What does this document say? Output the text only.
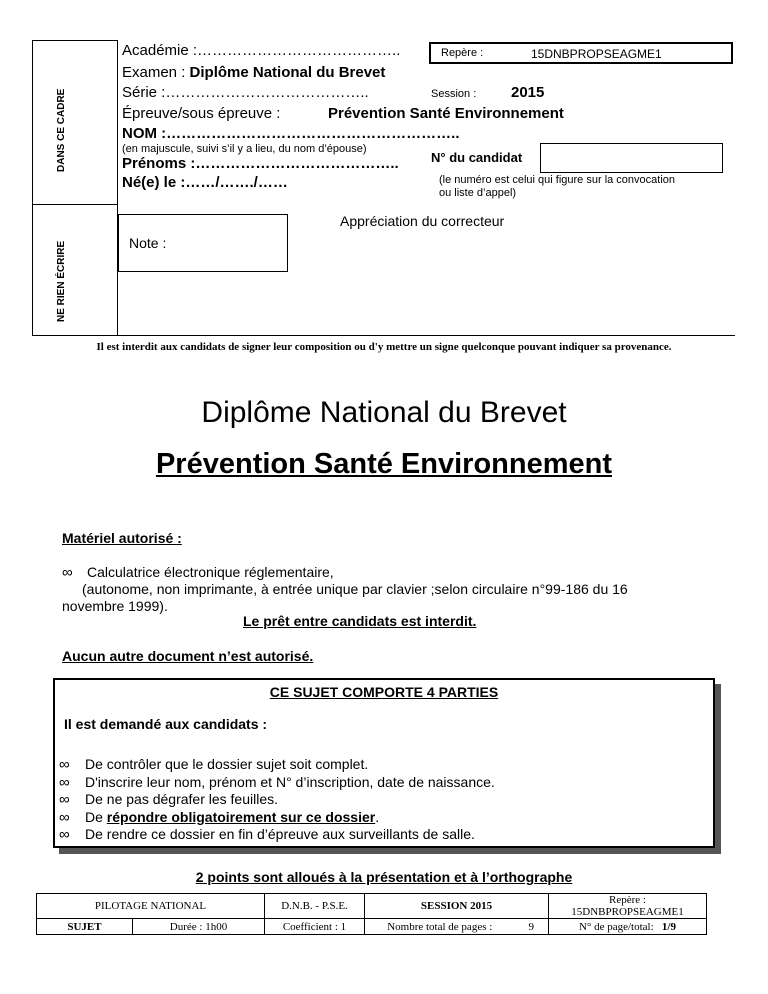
DANS CE CADRE
NE RIEN ÉCRIRE
Académie :…………………………………..	Repère :	15DNBPROPSEAGME1
Examen : Diplôme National du Brevet
Série :…………………………………..	Session : 2015
Épreuve/sous épreuve :	Prévention Santé Environnement
NOM :…………………………………………………..
(en majuscule, suivi s’il y a lieu, du nom d’épouse)
Prénoms :………………………………….. N° du candidat
Né(e) le :……/……./……	(le numéro est celui qui figure sur la convocation
ou liste d’appel)
Appréciation du correcteur
Note :
Il est interdit aux candidats de signer leur composition ou d'y mettre un signe quelconque pouvant indiquer sa provenance.
Diplôme National du Brevet
Prévention Santé Environnement
Matériel autorisé :
∞ Calculatrice électronique réglementaire,
(autonome, non imprimante, à entrée unique par clavier ;selon circulaire n°99-186 du 16
novembre 1999).
Le prêt entre candidats est interdit.
Aucun autre document n’est autorisé.
CE SUJET COMPORTE 4 PARTIES
Il est demandé aux candidats :
∞ De contrôler que le dossier sujet soit complet.
∞ D'inscrire leur nom, prénom et N° d’inscription, date de naissance.
∞ De ne pas dégrafer les feuilles.
∞ De répondre obligatoirement sur ce dossier.
∞ De rendre ce dossier en fin d’épreuve aux surveillants de salle.
2 points sont alloués à la présentation et à l’orthographe
PILOTAGE NATIONAL		D.N.B. - P.S.E.	SESSION 2015		Repère :
15DNBPROPSEAGME1

SUJET	Durée : 1h00	Coefficient : 1	Nombre total de pages :	9	N° de page/total: 1/9
